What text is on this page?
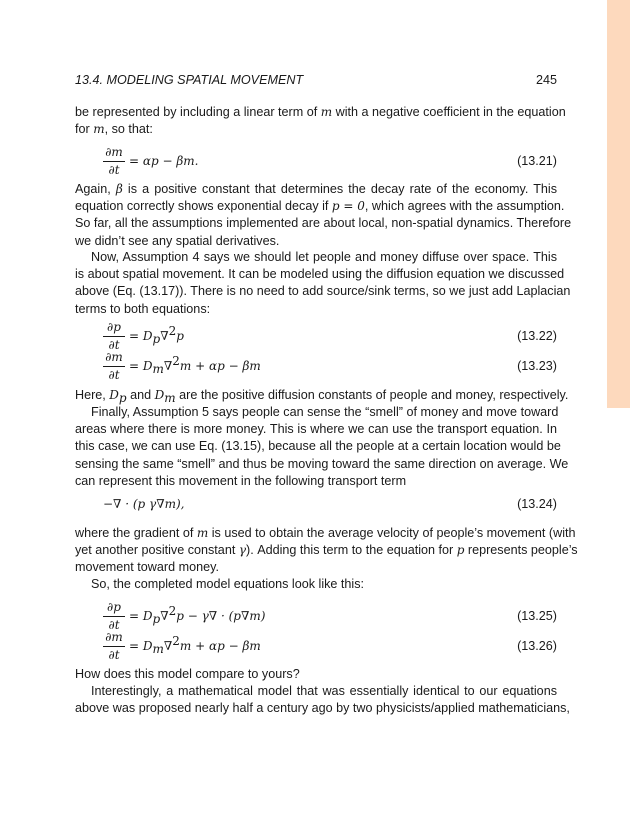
13.4. MODELING SPATIAL MOVEMENT	245
be represented by including a linear term of m with a negative coefficient in the equation
for m, so that:
$\frac{\partial m}{\partial t} = \alpha p - \beta m$.	(13.21)
Again, β is a positive constant that determines the decay rate of the economy. This
equation correctly shows exponential decay if p = 0, which agrees with the assumption.
So far, all the assumptions implemented are about local, non-spatial dynamics. Therefore
we didn’t see any spatial derivatives.
Now, Assumption 4 says we should let people and money diffuse over space. This
is about spatial movement. It can be modeled using the diffusion equation we discussed
above (Eq. (13.17)). There is no need to add source/sink terms, so we just add Laplacian
terms to both equations:
$\frac{\partial p}{\partial t} = D_p\nabla^2p$	(13.22)
$\frac{\partial m}{\partial t} = D_m\nabla^2m + \alpha p - \beta m$	(13.23)
Here, $D_p$ and $D_m$ are the positive diffusion constants of people and money, respectively.
Finally, Assumption 5 says people can sense the “smell” of money and move toward
areas where there is more money. This is where we can use the transport equation. In
this case, we can use Eq. (13.15), because all the people at a certain location would be
sensing the same “smell” and thus be moving toward the same direction on average. We
can represent this movement in the following transport term
−∇ · (p γ∇m),	(13.24)
where the gradient of m is used to obtain the average velocity of people’s movement (with
yet another positive constant γ). Adding this term to the equation for p represents people’s
movement toward money.
So, the completed model equations look like this:
$\frac{\partial p}{\partial t} = D_p\nabla^2p - \gamma\nabla \cdot (p\nabla m)$	(13.25)
$\frac{\partial m}{\partial t} = D_m\nabla^2m + \alpha p - \beta m$	(13.26)
How does this model compare to yours?
Interestingly, a mathematical model that was essentially identical to our equations
above was proposed nearly half a century ago by two physicists/applied mathematicians,
